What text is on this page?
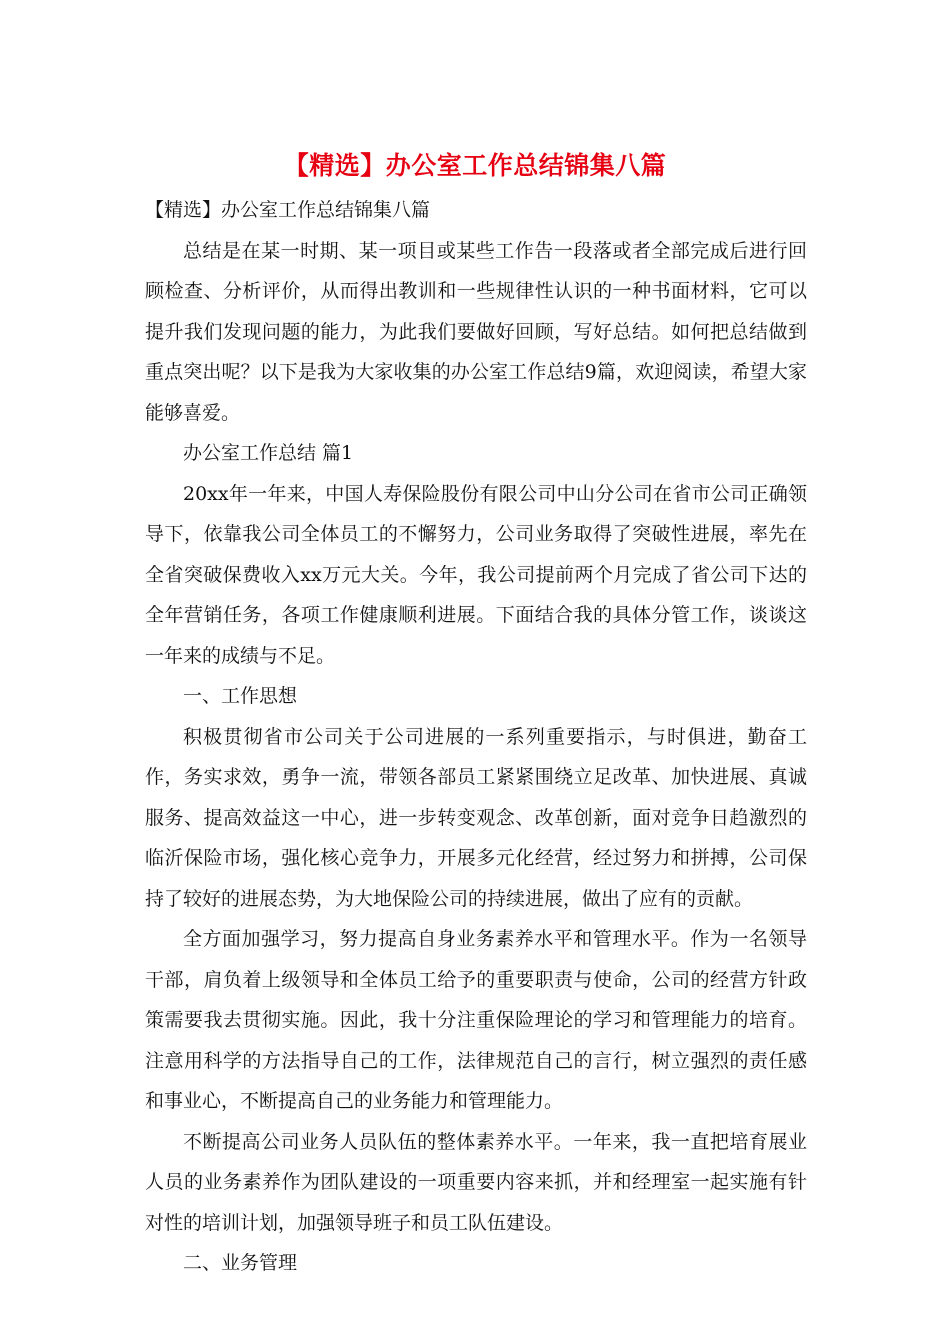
【精选】办公室工作总结锦集八篇

【精选】办公室工作总结锦集八篇

总结是在某一时期、某一项目或某些工作告一段落或者全部完成后进行回顾检查、分析评价，从而得出教训和一些规律性认识的一种书面材料，它可以提升我们发现问题的能力，为此我们要做好回顾，写好总结。如何把总结做到重点突出呢？以下是我为大家收集的办公室工作总结9篇，欢迎阅读，希望大家能够喜爱。

办公室工作总结 篇1

20xx年一年来，中国人寿保险股份有限公司中山分公司在省市公司正确领导下，依靠我公司全体员工的不懈努力，公司业务取得了突破性进展，率先在全省突破保费收入xx万元大关。今年，我公司提前两个月完成了省公司下达的全年营销任务，各项工作健康顺利进展。下面结合我的具体分管工作，谈谈这一年来的成绩与不足。

一、工作思想

积极贯彻省市公司关于公司进展的一系列重要指示，与时俱进，勤奋工作，务实求效，勇争一流，带领各部员工紧紧围绕立足改革、加快进展、真诚服务、提高效益这一中心，进一步转变观念、改革创新，面对竞争日趋激烈的临沂保险市场，强化核心竞争力，开展多元化经营，经过努力和拼搏，公司保持了较好的进展态势，为大地保险公司的持续进展，做出了应有的贡献。

全方面加强学习，努力提高自身业务素养水平和管理水平。作为一名领导干部，肩负着上级领导和全体员工给予的重要职责与使命，公司的经营方针政策需要我去贯彻实施。因此，我十分注重保险理论的学习和管理能力的培育。注意用科学的方法指导自己的工作，法律规范自己的言行，树立强烈的责任感和事业心，不断提高自己的业务能力和管理能力。

不断提高公司业务人员队伍的整体素养水平。一年来，我一直把培育展业人员的业务素养作为团队建设的一项重要内容来抓，并和经理室一起实施有针对性的培训计划，加强领导班子和员工队伍建设。

二、业务管理
